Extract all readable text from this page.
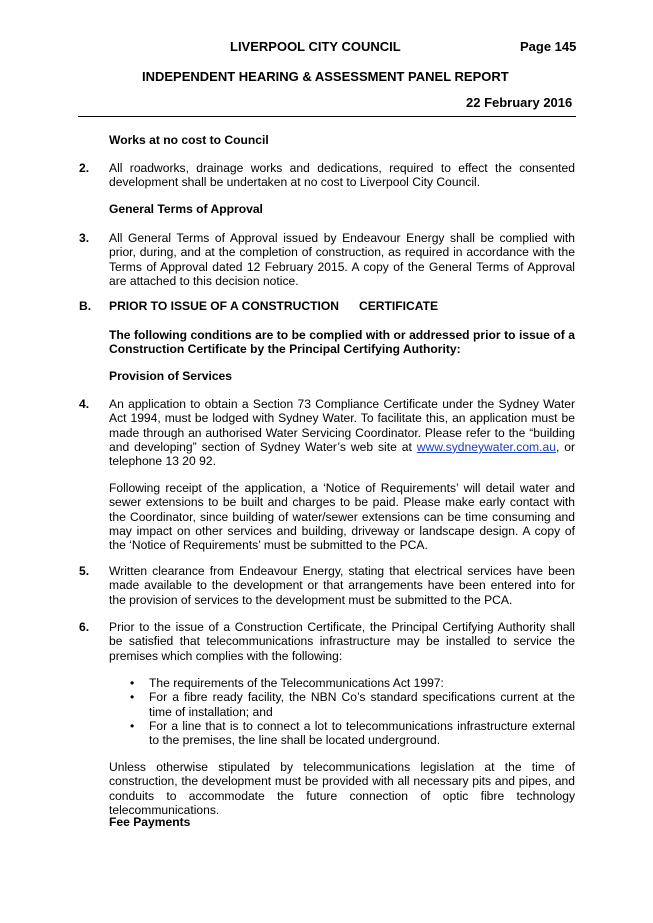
LIVERPOOL CITY COUNCIL	Page 145
INDEPENDENT HEARING & ASSESSMENT PANEL REPORT
22 February 2016
Works at no cost to Council
2. All roadworks, drainage works and dedications, required to effect the consented development shall be undertaken at no cost to Liverpool City Council.

General Terms of Approval
3. All General Terms of Approval issued by Endeavour Energy shall be complied with prior, during, and at the completion of construction, as required in accordance with the Terms of Approval dated 12 February 2015. A copy of the General Terms of Approval are attached to this decision notice.

B. PRIOR TO ISSUE OF A CONSTRUCTION CERTIFICATE

The following conditions are to be complied with or addressed prior to issue of a Construction Certificate by the Principal Certifying Authority:

Provision of Services
4. An application to obtain a Section 73 Compliance Certificate under the Sydney Water Act 1994, must be lodged with Sydney Water. To facilitate this, an application must be made through an authorised Water Servicing Coordinator. Please refer to the “building and developing” section of Sydney Water’s web site at www.sydneywater.com.au, or telephone 13 20 92.

Following receipt of the application, a ‘Notice of Requirements’ will detail water and sewer extensions to be built and charges to be paid. Please make early contact with the Coordinator, since building of water/sewer extensions can be time consuming and may impact on other services and building, driveway or landscape design. A copy of the ‘Notice of Requirements’ must be submitted to the PCA.

5. Written clearance from Endeavour Energy, stating that electrical services have been made available to the development or that arrangements have been entered into for the provision of services to the development must be submitted to the PCA.

6. Prior to the issue of a Construction Certificate, the Principal Certifying Authority shall be satisfied that telecommunications infrastructure may be installed to service the premises which complies with the following:

• The requirements of the Telecommunications Act 1997:
• For a fibre ready facility, the NBN Co’s standard specifications current at the time of installation; and
• For a line that is to connect a lot to telecommunications infrastructure external to the premises, the line shall be located underground.

Unless otherwise stipulated by telecommunications legislation at the time of construction, the development must be provided with all necessary pits and pipes, and conduits to accommodate the future connection of optic fibre technology telecommunications.

Fee Payments
